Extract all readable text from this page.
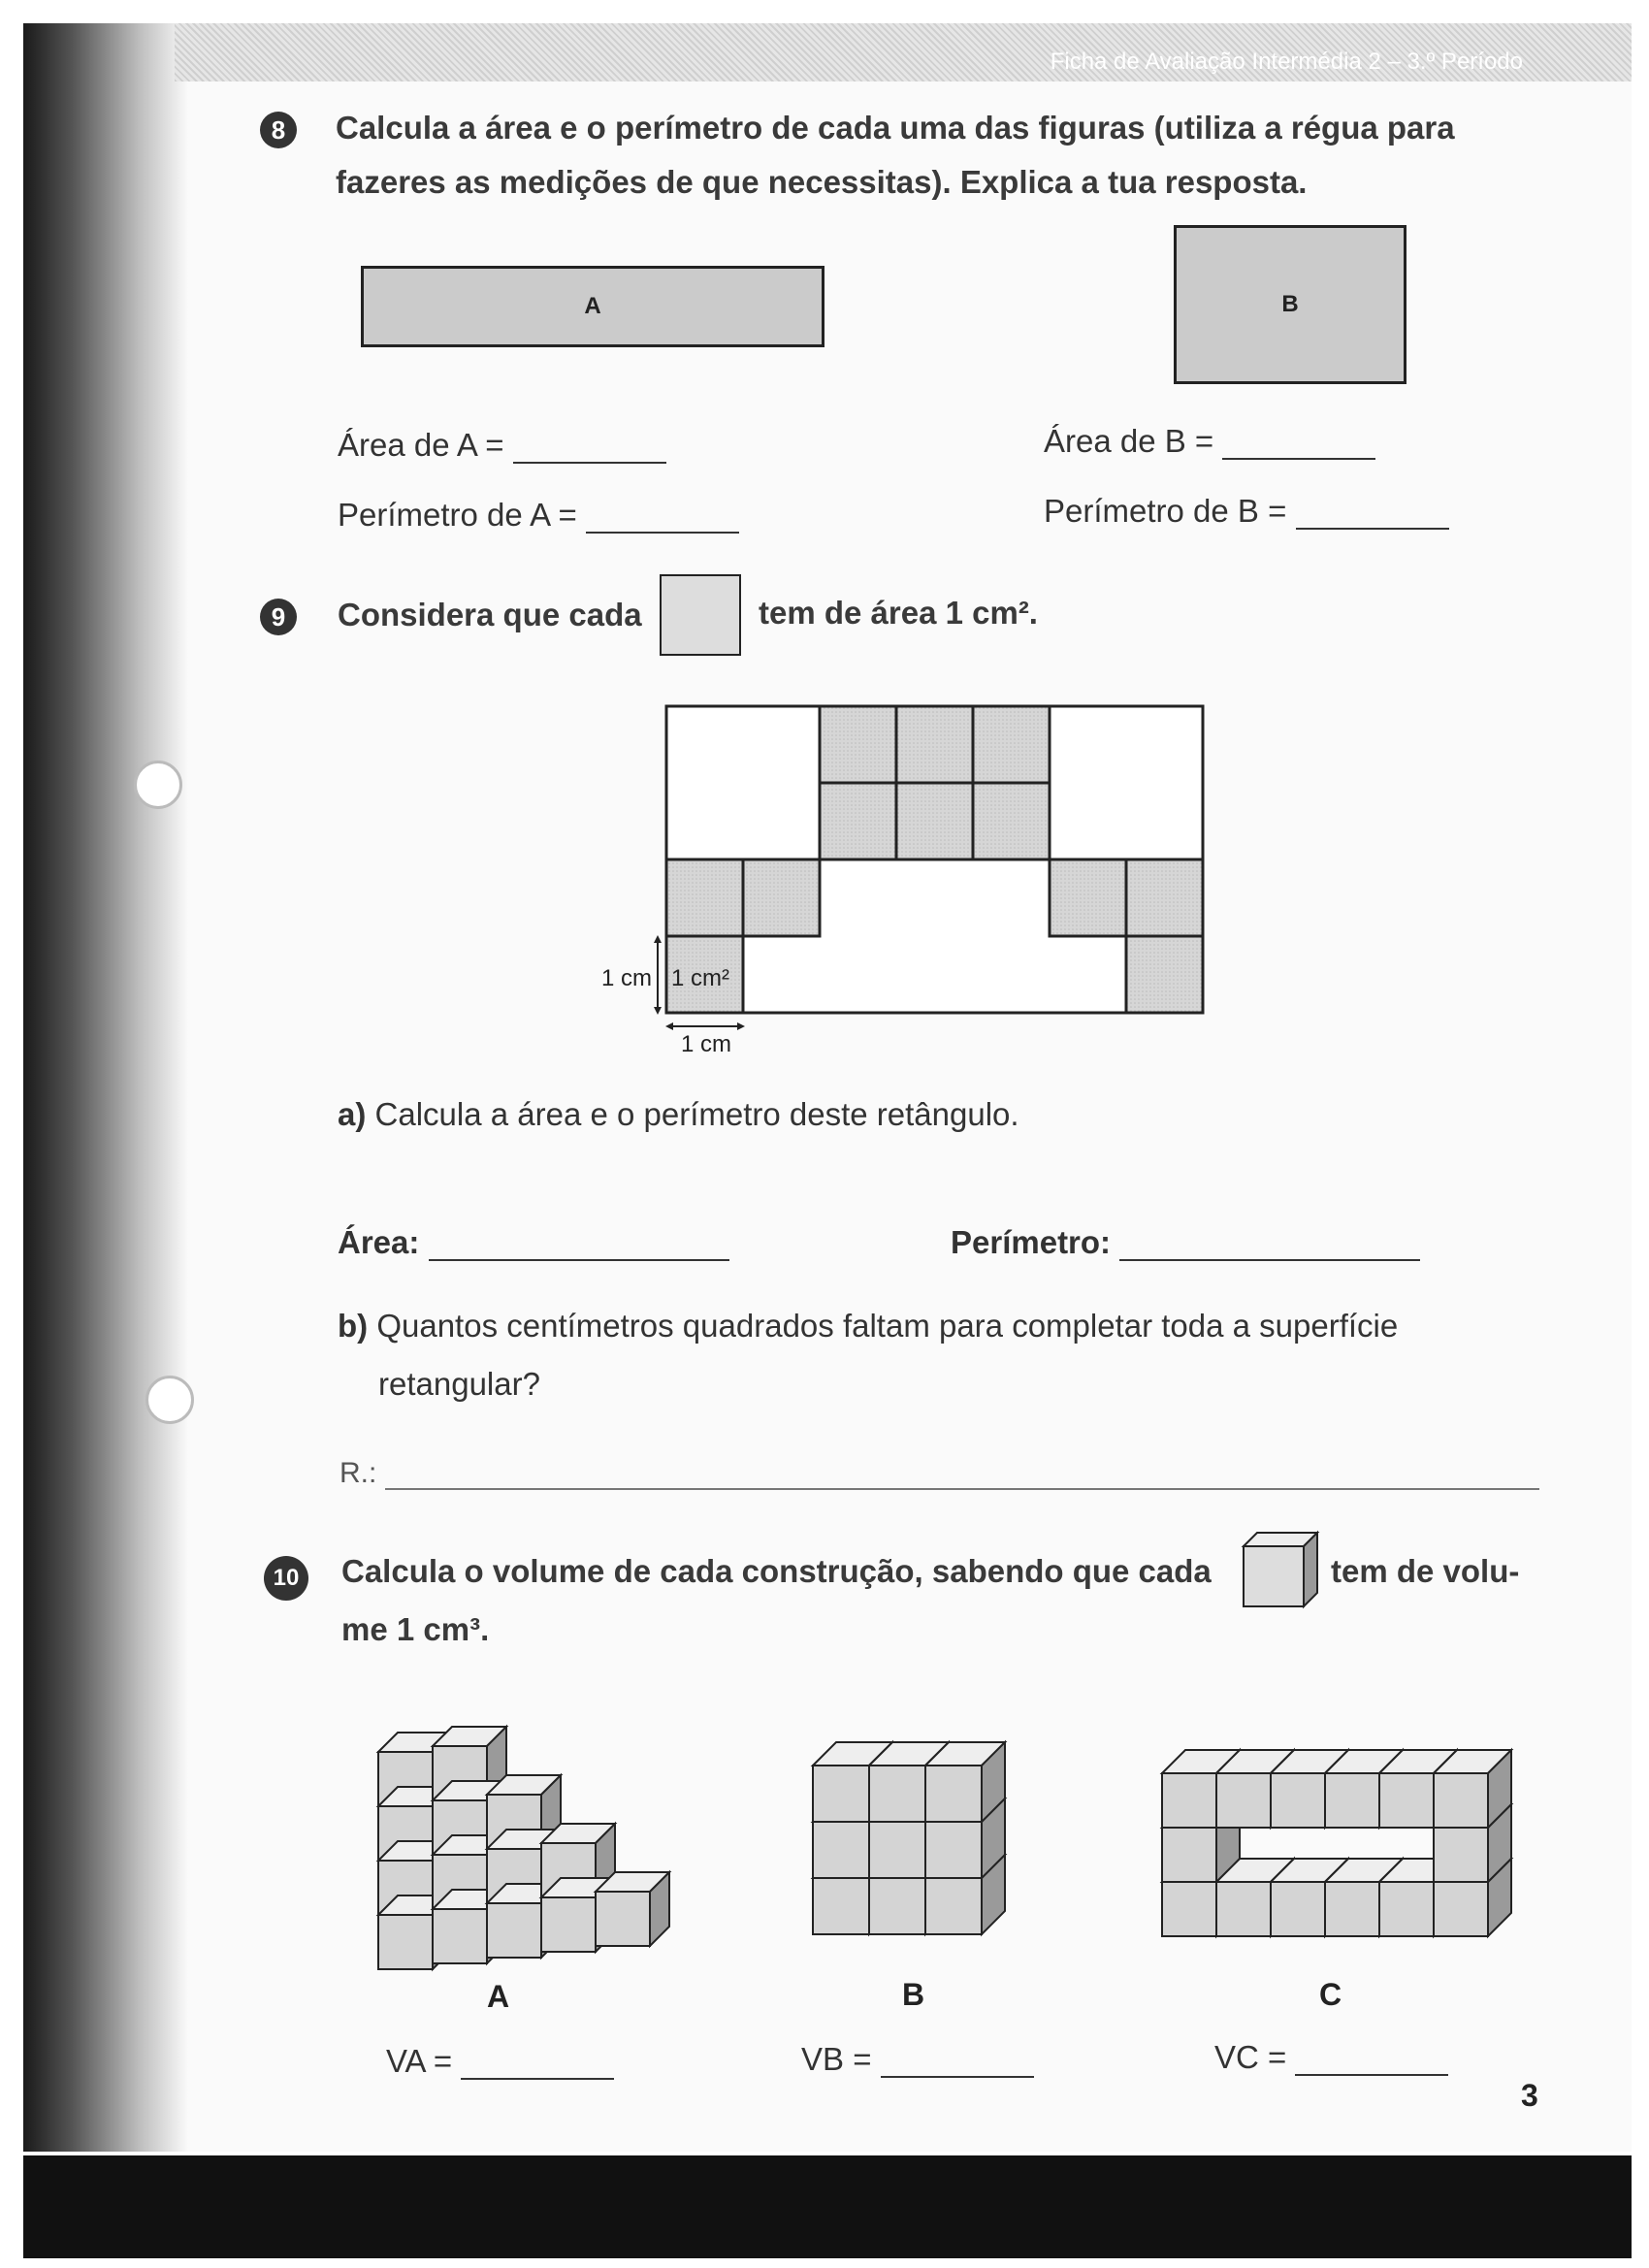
Ficha de Avaliação Intermédia 2 – 3.º Período
8	Calcula a área e o perímetro de cada uma das figuras (utiliza a régua para
fazeres as medições de que necessitas). Explica a tua resposta.
A	B
Área de A =
Perímetro de A =
Área de B =
Perímetro de B =
9	Considera que cada	tem de área 1 cm².
1 cm 1 cm²
1 cm
a) Calcula a área e o perímetro deste retângulo.
Área:	Perímetro:
b) Quantos centímetros quadrados faltam para completar toda a superfície
retangular?
R.:
10 Calcula o volume de cada construção, sabendo que cada	tem de volu-
me 1 cm³.
A	B	C
VA =	VB =	VC =
3
